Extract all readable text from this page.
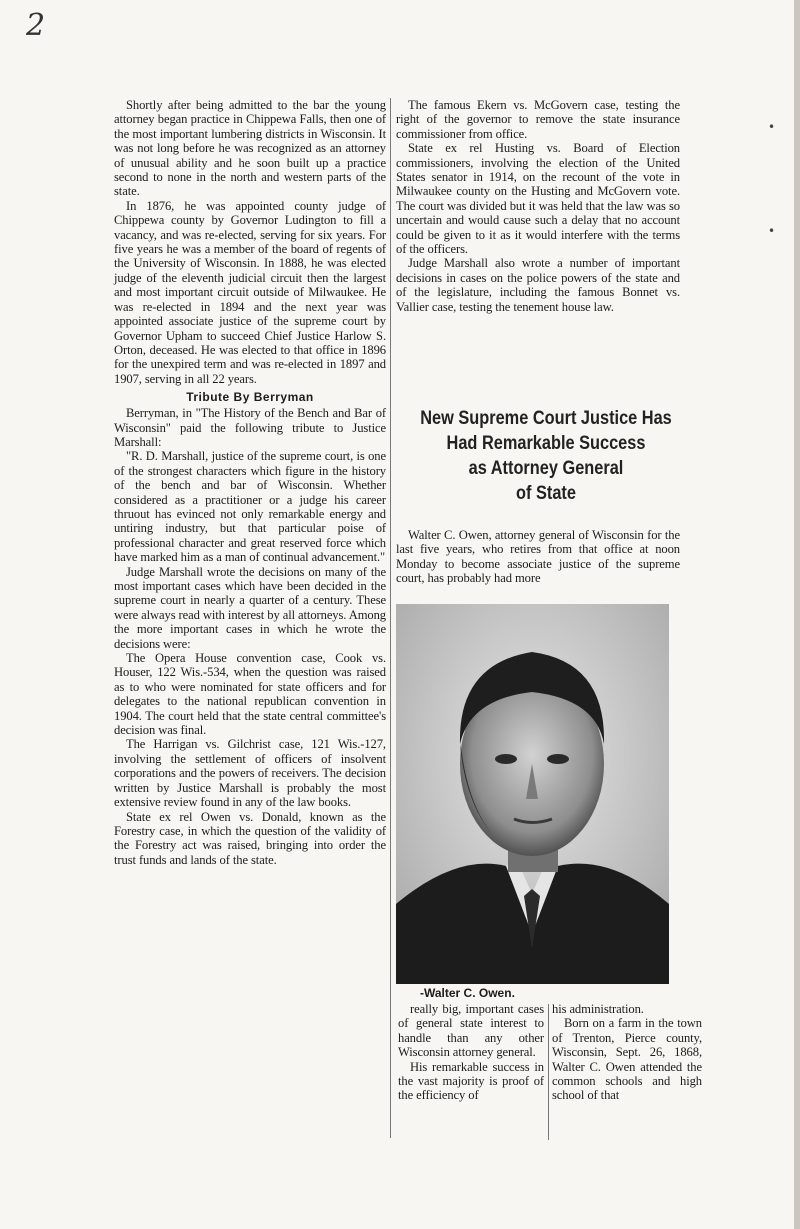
2
•
•

Shortly after being admitted to the bar the young attorney began practice in Chippewa Falls, then one of the most important lumbering districts in Wisconsin. It was not long before he was recognized as an attorney of unusual ability and he soon built up a practice second to none in the north and western parts of the state.

In 1876, he was appointed county judge of Chippewa county by Governor Ludington to fill a vacancy, and was re-elected, serving for six years. For five years he was a member of the board of regents of the University of Wisconsin. In 1888, he was elected judge of the eleventh judicial circuit then the largest and most important circuit outside of Milwaukee. He was re-elected in 1894 and the next year was appointed associate justice of the supreme court by Governor Upham to succeed Chief Justice Harlow S. Orton, deceased. He was elected to that office in 1896 for the unexpired term and was re-elected in 1897 and 1907, serving in all 22 years.

Tribute By Berryman

Berryman, in "The History of the Bench and Bar of Wisconsin" paid the following tribute to Justice Marshall:

"R. D. Marshall, justice of the supreme court, is one of the strongest characters which figure in the history of the bench and bar of Wisconsin. Whether considered as a practitioner or a judge his career thruout has evinced not only remarkable energy and untiring industry, but that particular poise of professional character and great reserved force which have marked him as a man of continual advancement."

Judge Marshall wrote the decisions on many of the most important cases which have been decided in the supreme court in nearly a quarter of a century. These were always read with interest by all attorneys. Among the more important cases in which he wrote the decisions were:

The Opera House convention case, Cook vs. Houser, 122 Wis.-534, when the question was raised as to who were nominated for state officers and for delegates to the national republican convention in 1904. The court held that the state central committee's decision was final.

The Harrigan vs. Gilchrist case, 121 Wis.-127, involving the settlement of officers of insolvent corporations and the powers of receivers. The decision written by Justice Marshall is probably the most extensive review found in any of the law books.

State ex rel Owen vs. Donald, known as the Forestry case, in which the question of the validity of the Forestry act was raised, bringing into order the trust funds and lands of the state.

The famous Ekern vs. McGovern case, testing the right of the governor to remove the state insurance commissioner from office.

State ex rel Husting vs. Board of Election commissioners, involving the election of the United States senator in 1914, on the recount of the vote in Milwaukee county on the Husting and McGovern vote. The court was divided but it was held that the law was so uncertain and would cause such a delay that no account could be given to it as it would interfere with the terms of the officers.

Judge Marshall also wrote a number of important decisions in cases on the police powers of the state and of the legislature, including the famous Bonnet vs. Vallier case, testing the tenement house law.

New Supreme Court Justice Has
Had Remarkable Success
as Attorney General
of State

Walter C. Owen, attorney general of Wisconsin for the last five years, who retires from that office at noon Monday to become associate justice of the supreme court, has probably had more

-Walter C. Owen.

really big, important cases of general state interest to handle than any other Wisconsin attorney general.

His remarkable success in the vast majority is proof of the efficiency of

his administration.

Born on a farm in the town of Trenton, Pierce county, Wisconsin, Sept. 26, 1868, Walter C. Owen attended the common schools and high school of that
